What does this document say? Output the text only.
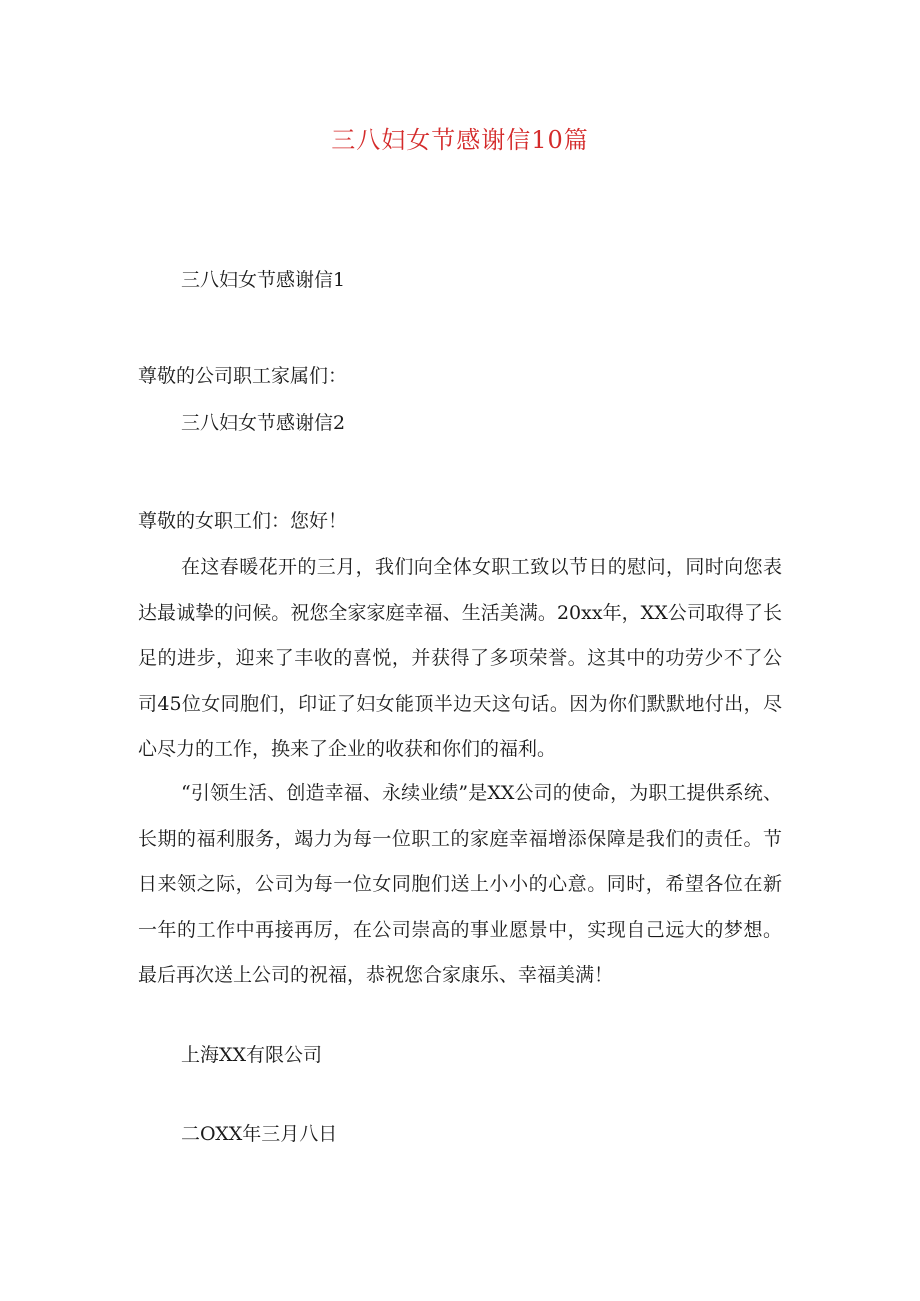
三八妇女节感谢信10篇

三八妇女节感谢信1

尊敬的公司职工家属们：

三八妇女节感谢信2

尊敬的女职工们：您好！

在这春暖花开的三月，我们向全体女职工致以节日的慰问，同时向您表达最诚挚的问候。祝您全家家庭幸福、生活美满。20xx年，XX公司取得了长足的进步，迎来了丰收的喜悦，并获得了多项荣誉。这其中的功劳少不了公司45位女同胞们，印证了妇女能顶半边天这句话。因为你们默默地付出，尽心尽力的工作，换来了企业的收获和你们的福利。

“引领生活、创造幸福、永续业绩”是XX公司的使命，为职工提供系统、长期的福利服务，竭力为每一位职工的家庭幸福增添保障是我们的责任。节日来领之际，公司为每一位女同胞们送上小小的心意。同时，希望各位在新一年的工作中再接再厉，在公司崇高的事业愿景中，实现自己远大的梦想。最后再次送上公司的祝福，恭祝您合家康乐、幸福美满！

上海XX有限公司

二OXX年三月八日
